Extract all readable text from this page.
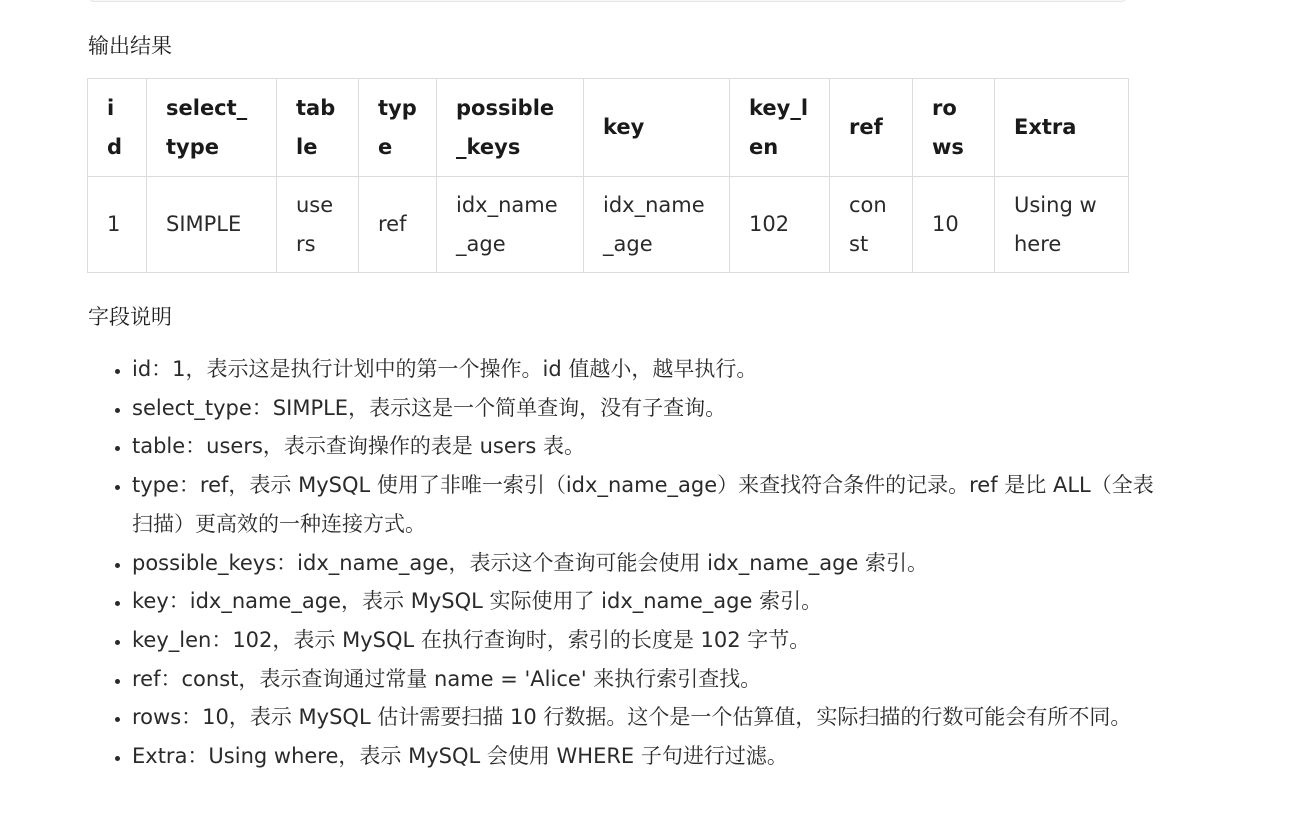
输出结果
id	select_type	table	type	possible_keys	key	key_len	ref	rows	Extra
1	SIMPLE	users	ref	idx_name_age	idx_name_age	102	const	10	Using where
字段说明
• id：1，表示这是执行计划中的第一个操作。id 值越小，越早执行。
• select_type：SIMPLE，表示这是一个简单查询，没有子查询。
• table：users，表示查询操作的表是 users 表。
• type：ref，表示 MySQL 使用了非唯一索引（idx_name_age）来查找符合条件的记录。ref 是比 ALL（全表扫描）更高效的一种连接方式。
• possible_keys：idx_name_age，表示这个查询可能会使用 idx_name_age 索引。
• key：idx_name_age，表示 MySQL 实际使用了 idx_name_age 索引。
• key_len：102，表示 MySQL 在执行查询时，索引的长度是 102 字节。
• ref：const，表示查询通过常量 name = 'Alice' 来执行索引查找。
• rows：10，表示 MySQL 估计需要扫描 10 行数据。这个是一个估算值，实际扫描的行数可能会有所不同。
• Extra：Using where，表示 MySQL 会使用 WHERE 子句进行过滤。
